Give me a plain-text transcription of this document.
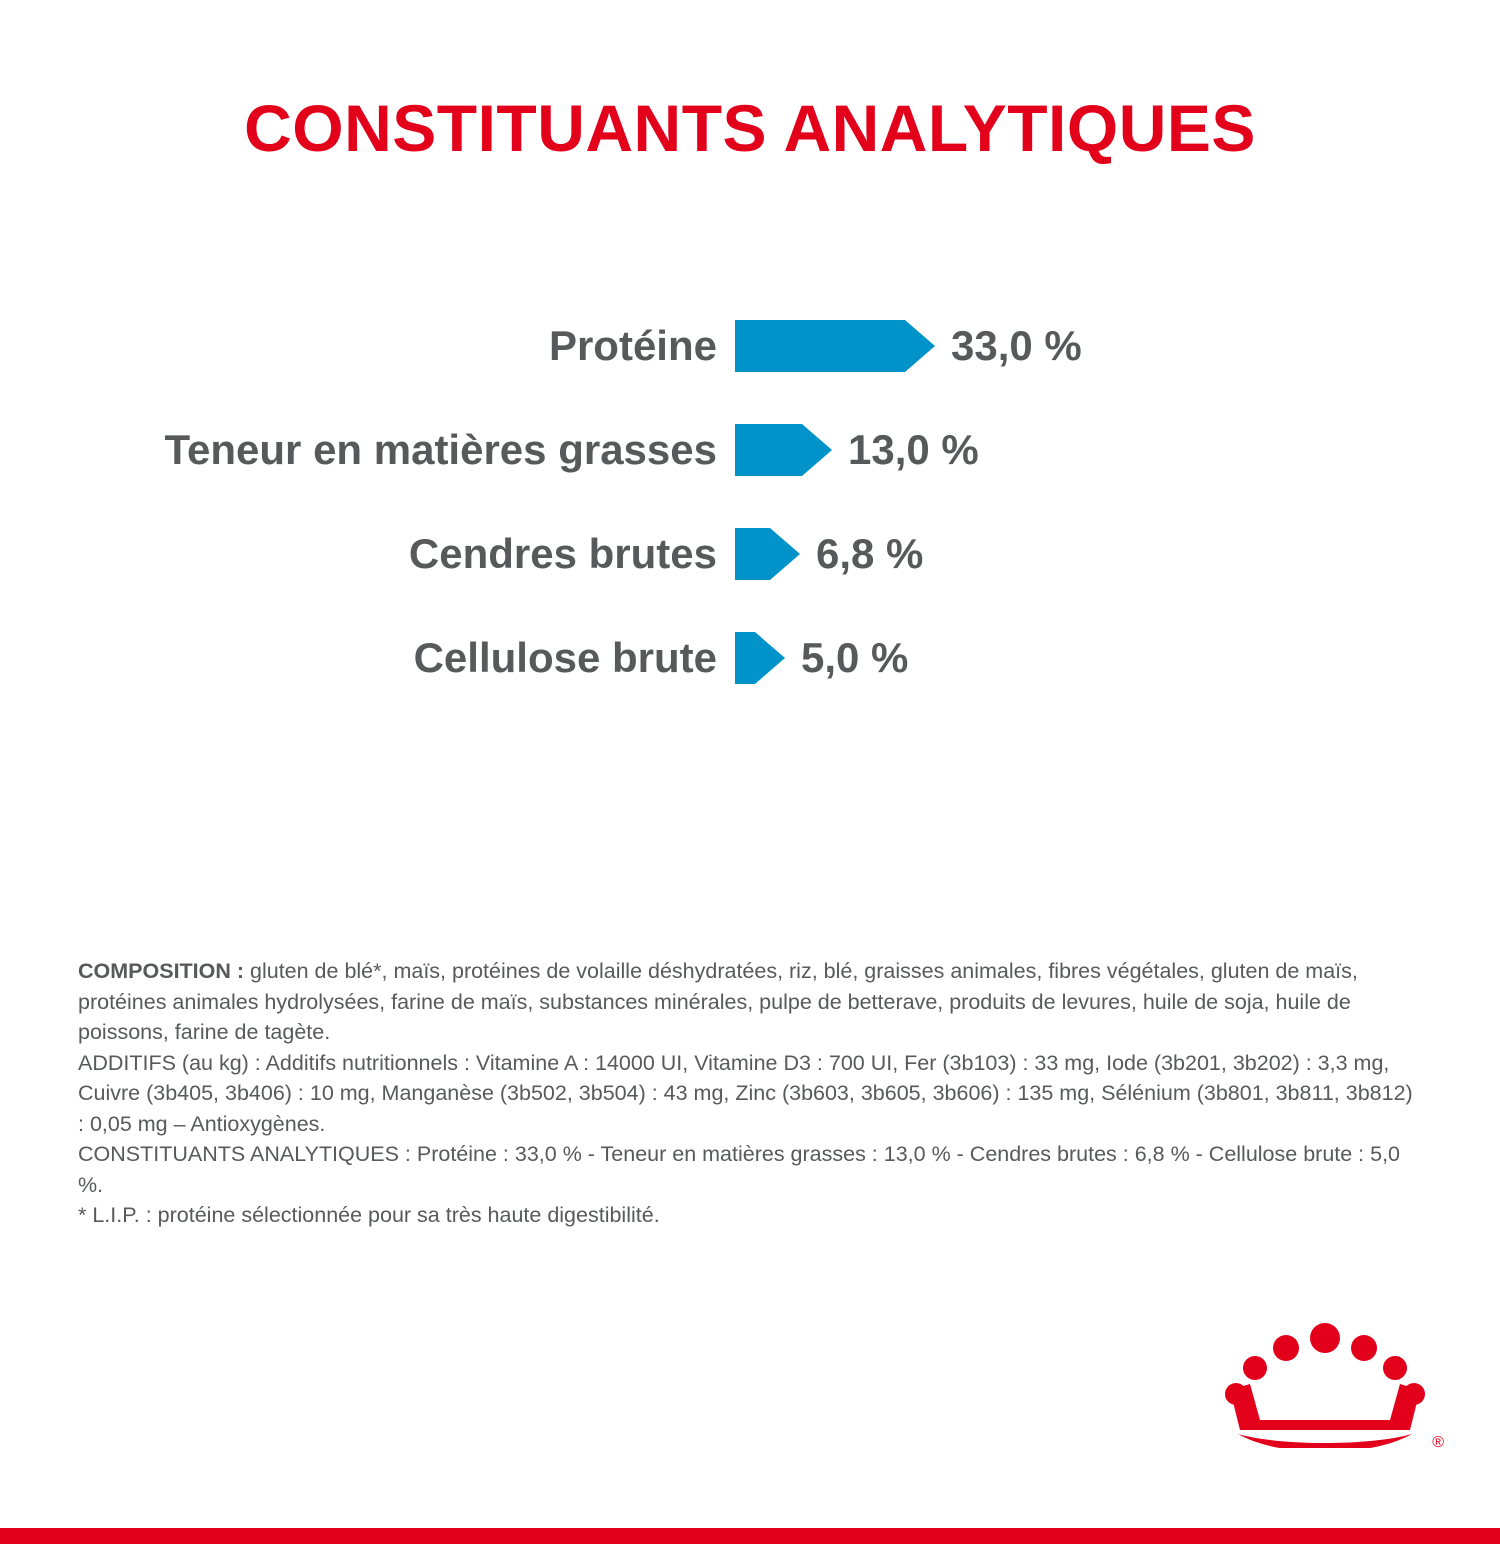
CONSTITUANTS ANALYTIQUES
Protéine	33,0 %
Teneur en matières grasses	13,0 %
Cendres brutes	6,8 %
Cellulose brute	5,0 %

COMPOSITION : gluten de blé*, maïs, protéines de volaille déshydratées, riz, blé, graisses animales, fibres végétales, gluten de maïs, protéines animales hydrolysées, farine de maïs, substances minérales, pulpe de betterave, produits de levures, huile de soja, huile de poissons, farine de tagète.

ADDITIFS (au kg) : Additifs nutritionnels : Vitamine A : 14000 UI, Vitamine D3 : 700 UI, Fer (3b103) : 33 mg, Iode (3b201, 3b202) : 3,3 mg, Cuivre (3b405, 3b406) : 10 mg, Manganèse (3b502, 3b504) : 43 mg, Zinc (3b603, 3b605, 3b606) : 135 mg, Sélénium (3b801, 3b811, 3b812) : 0,05 mg – Antioxygènes.

CONSTITUANTS ANALYTIQUES : Protéine : 33,0 % - Teneur en matières grasses : 13,0 % - Cendres brutes : 6,8 % - Cellulose brute : 5,0 %.

* L.I.P. : protéine sélectionnée pour sa très haute digestibilité.

®
